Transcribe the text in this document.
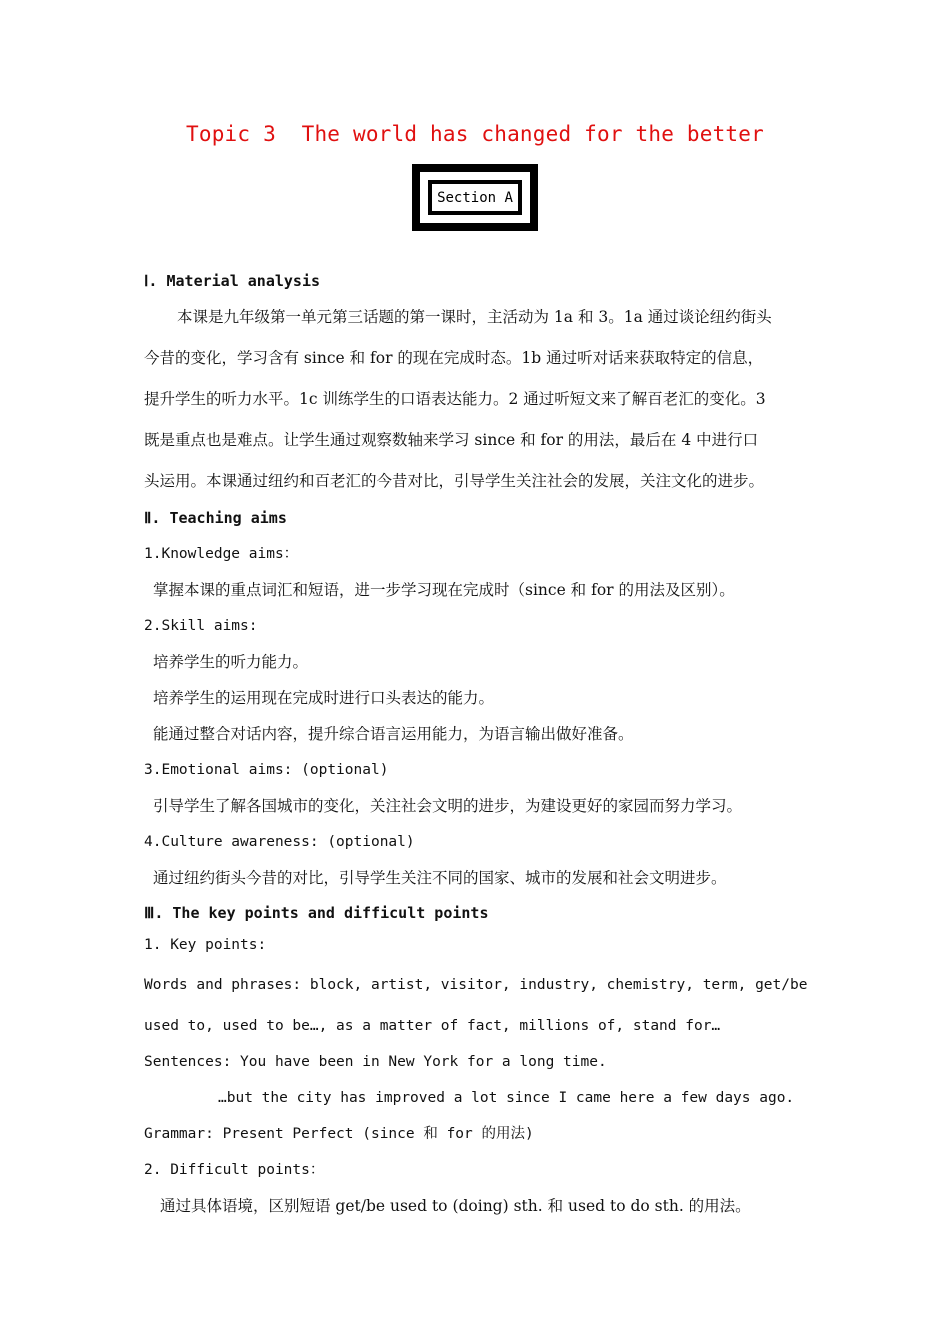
Topic 3  The world has changed for the better
Section A
Ⅰ. Material analysis
本课是九年级第一单元第三话题的第一课时，主活动为 1a 和 3。1a 通过谈论纽约街头
今昔的变化，学习含有 since 和 for 的现在完成时态。1b 通过听对话来获取特定的信息，
提升学生的听力水平。1c 训练学生的口语表达能力。2 通过听短文来了解百老汇的变化。3
既是重点也是难点。让学生通过观察数轴来学习 since 和 for 的用法，最后在 4 中进行口
头运用。本课通过纽约和百老汇的今昔对比，引导学生关注社会的发展，关注文化的进步。
Ⅱ. Teaching aims
1.Knowledge aims：
掌握本课的重点词汇和短语，进一步学习现在完成时（since 和 for 的用法及区别）。
2.Skill aims:
培养学生的听力能力。
培养学生的运用现在完成时进行口头表达的能力。
能通过整合对话内容，提升综合语言运用能力，为语言输出做好准备。
3.Emotional aims: (optional)
引导学生了解各国城市的变化，关注社会文明的进步，为建设更好的家园而努力学习。
4.Culture awareness: (optional)
通过纽约街头今昔的对比，引导学生关注不同的国家、城市的发展和社会文明进步。
Ⅲ. The key points and difficult points
1. Key points:
Words and phrases: block, artist, visitor, industry, chemistry, term, get/be
used to, used to be…, as a matter of fact, millions of, stand for…
Sentences: You have been in New York for a long time.
…but the city has improved a lot since I came here a few days ago.
Grammar: Present Perfect (since 和 for 的用法)
2. Difficult points：
通过具体语境，区别短语 get/be used to (doing) sth. 和 used to do sth. 的用法。
